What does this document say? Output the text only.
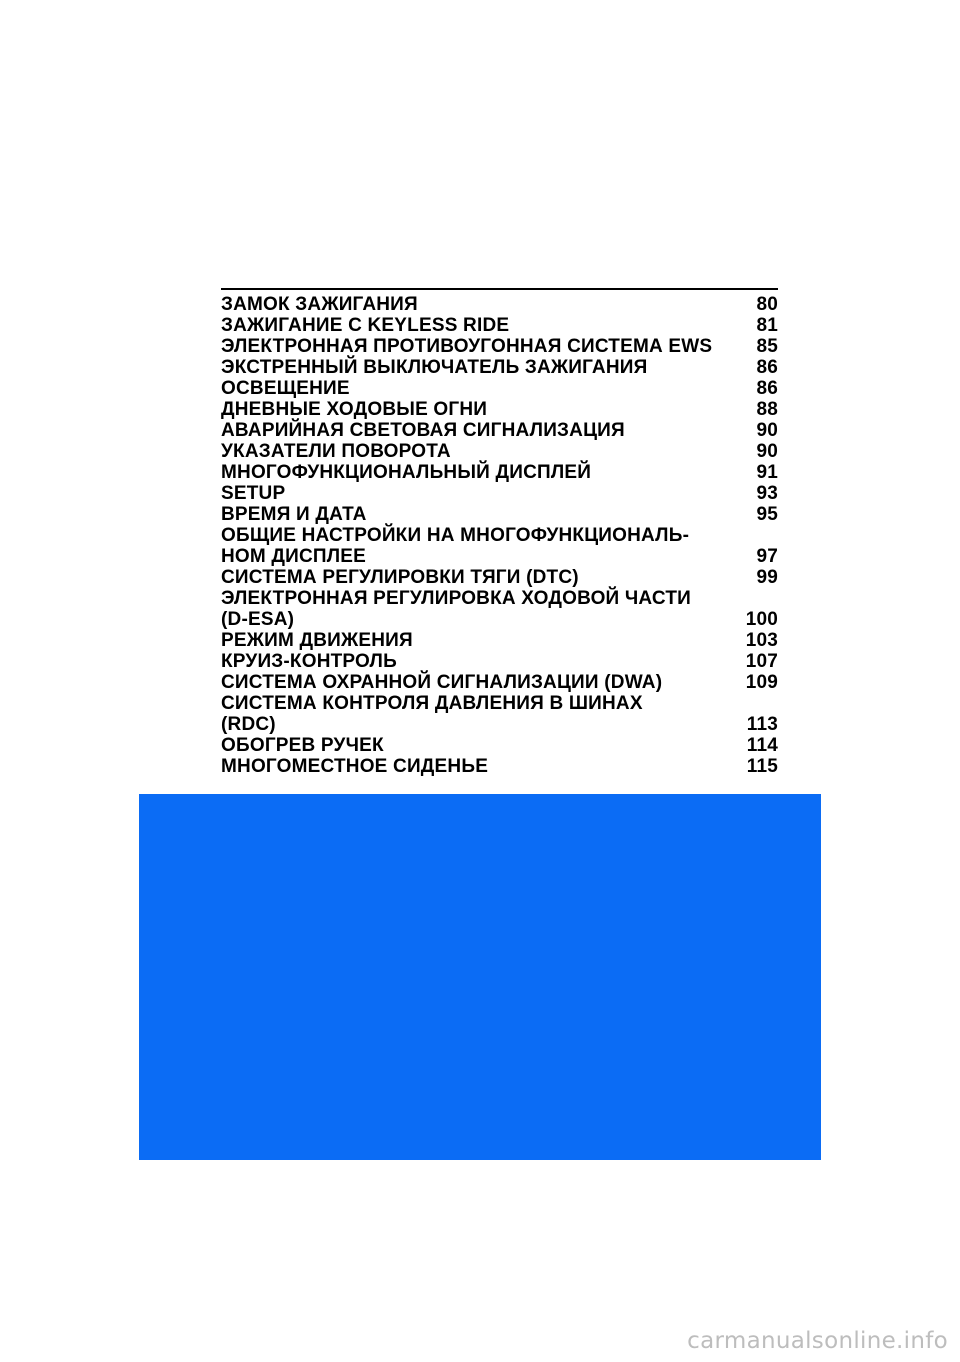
ЗАМОК ЗАЖИГАНИЯ	80
ЗАЖИГАНИЕ С KEYLESS RIDE	81
ЭЛЕКТРОННАЯ ПРОТИВОУГОННАЯ СИСТЕМА EWS	85
ЭКСТРЕННЫЙ ВЫКЛЮЧАТЕЛЬ ЗАЖИГАНИЯ	86
ОСВЕЩЕНИЕ	86
ДНЕВНЫЕ ХОДОВЫЕ ОГНИ	88
АВАРИЙНАЯ СВЕТОВАЯ СИГНАЛИЗАЦИЯ	90
УКАЗАТЕЛИ ПОВОРОТА	90
МНОГОФУНКЦИОНАЛЬНЫЙ ДИСПЛЕЙ	91
SETUP	93
ВРЕМЯ И ДАТА	95
ОБЩИЕ НАСТРОЙКИ НА МНОГОФУНКЦИОНАЛЬ-
НОМ ДИСПЛЕЕ	97
СИСТЕМА РЕГУЛИРОВКИ ТЯГИ (DTC)	99
ЭЛЕКТРОННАЯ РЕГУЛИРОВКА ХОДОВОЙ ЧАСТИ
(D-ESA)	100
РЕЖИМ ДВИЖЕНИЯ	103
КРУИЗ-КОНТРОЛЬ	107
СИСТЕМА ОХРАННОЙ СИГНАЛИЗАЦИИ (DWA)	109
СИСТЕМА КОНТРОЛЯ ДАВЛЕНИЯ В ШИНАХ
(RDC)	113
ОБОГРЕВ РУЧЕК	114
МНОГОМЕСТНОЕ СИДЕНЬЕ	115
carmanualsonline.info
